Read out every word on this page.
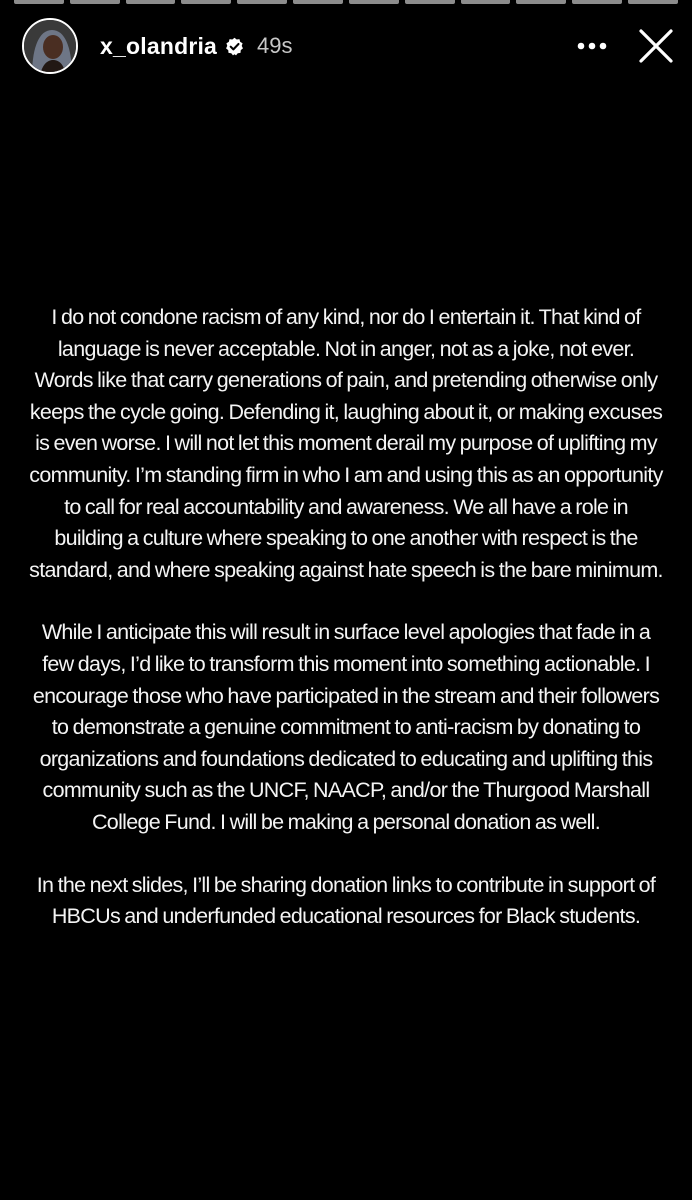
x_olandria 49s

I do not condone racism of any kind, nor do I entertain it. That kind of language is never acceptable. Not in anger, not as a joke, not ever. Words like that carry generations of pain, and pretending otherwise only keeps the cycle going. Defending it, laughing about it, or making excuses is even worse. I will not let this moment derail my purpose of uplifting my community. I’m standing firm in who I am and using this as an opportunity to call for real accountability and awareness. We all have a role in building a culture where speaking to one another with respect is the standard, and where speaking against hate speech is the bare minimum.

While I anticipate this will result in surface level apologies that fade in a few days, I’d like to transform this moment into something actionable. I encourage those who have participated in the stream and their followers to demonstrate a genuine commitment to anti-racism by donating to organizations and foundations dedicated to educating and uplifting this community such as the UNCF, NAACP, and/or the Thurgood Marshall College Fund. I will be making a personal donation as well.

In the next slides, I’ll be sharing donation links to contribute in support of HBCUs and underfunded educational resources for Black students.
